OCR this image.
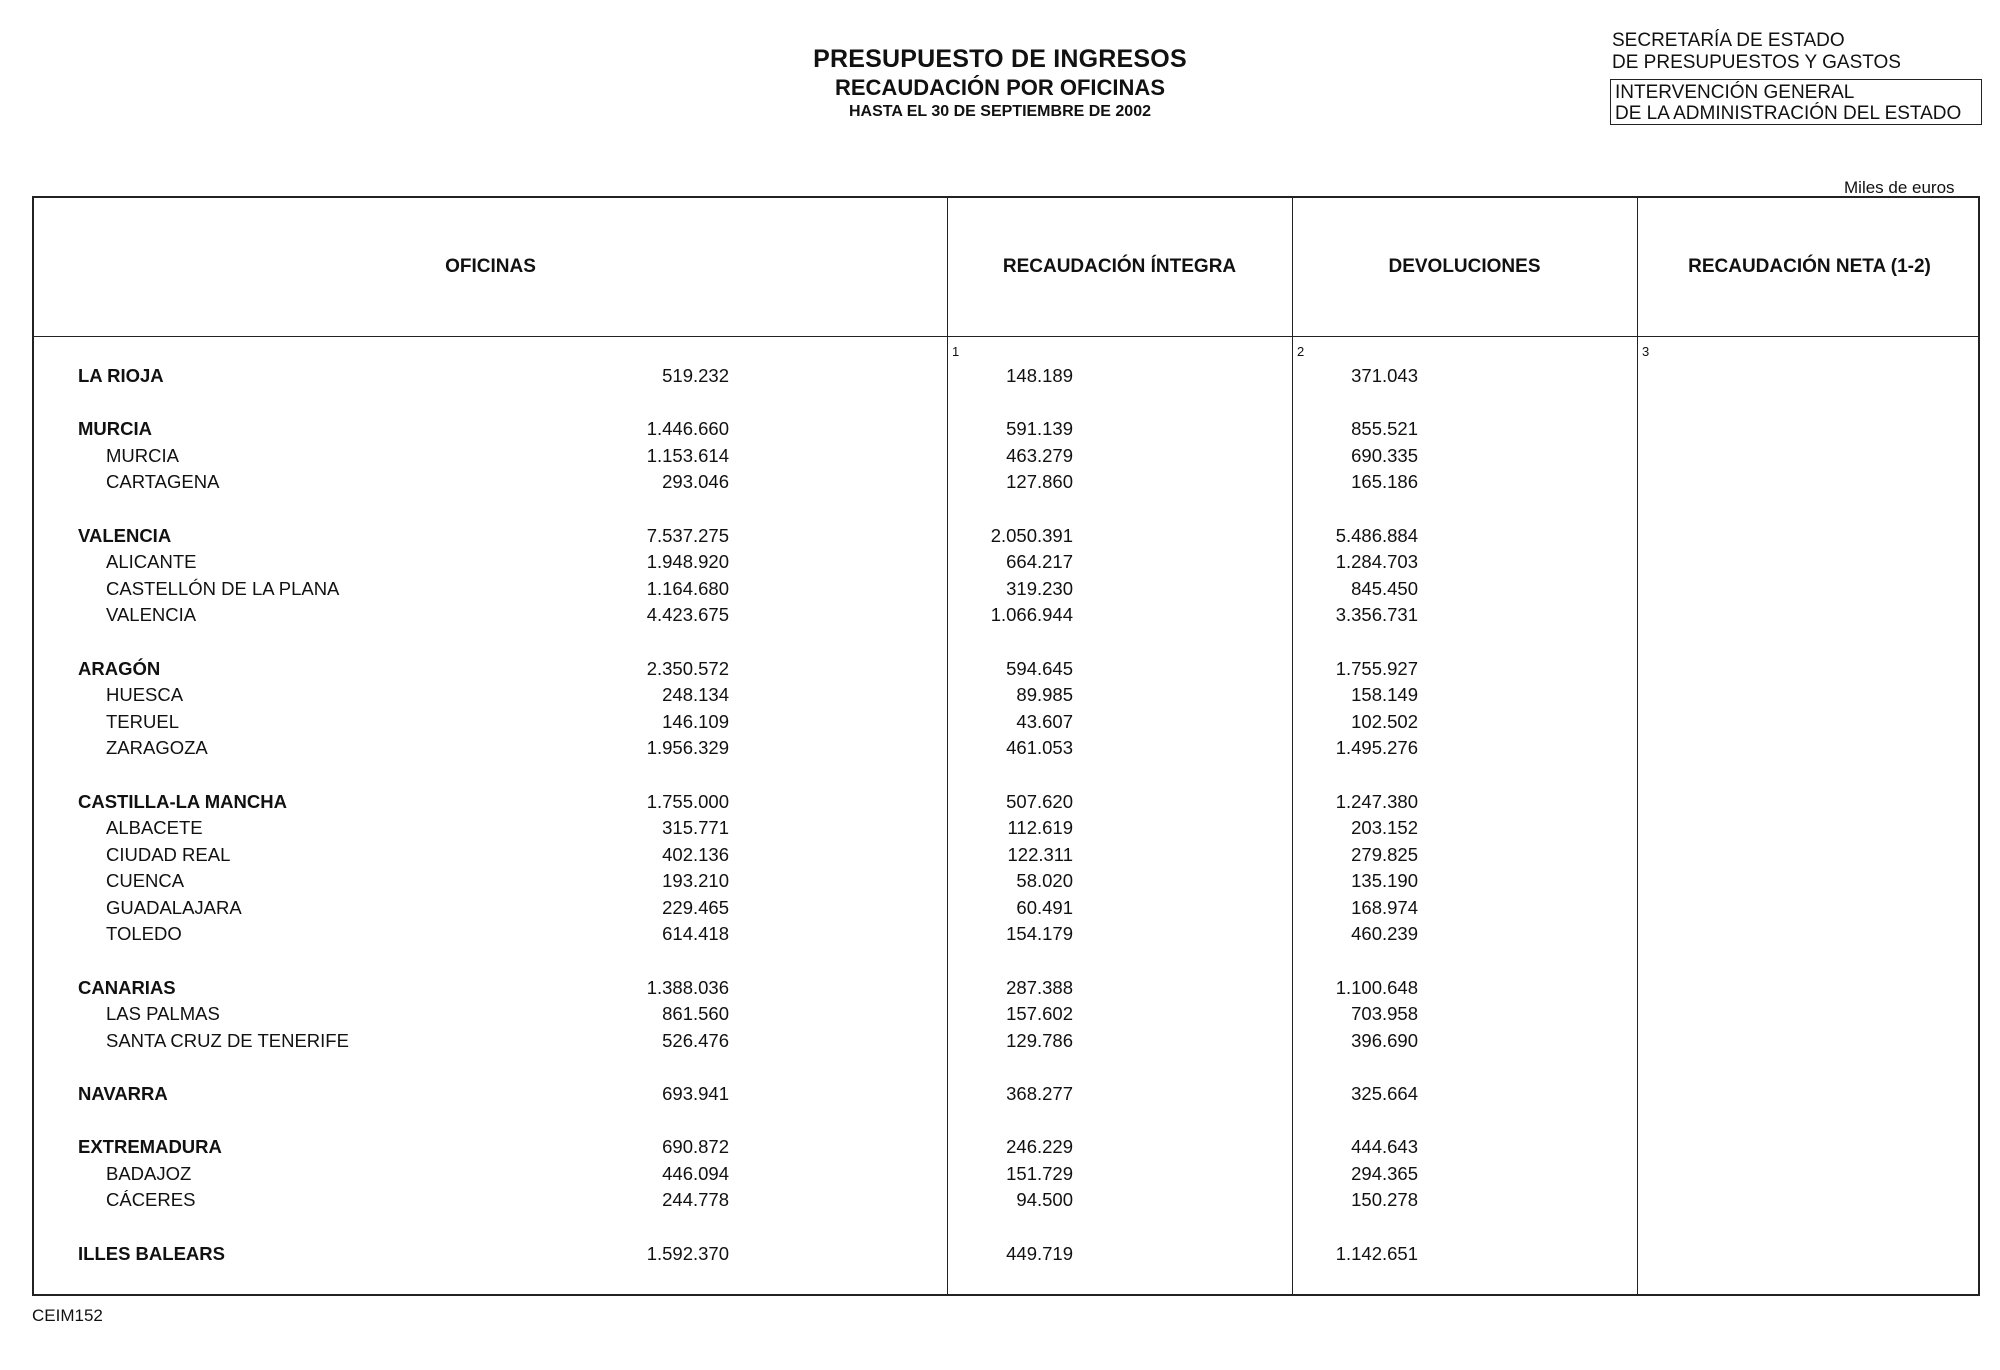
PRESUPUESTO DE INGRESOS
RECAUDACIÓN POR OFICINAS
HASTA EL 30 DE SEPTIEMBRE DE 2002
SECRETARÍA DE ESTADO
DE PRESUPUESTOS Y GASTOS
INTERVENCIÓN GENERAL
DE LA ADMINISTRACIÓN DEL ESTADO
Miles de euros
OFICINAS	RECAUDACIÓN ÍNTEGRA	DEVOLUCIONES	RECAUDACIÓN NETA (1-2)
1	2	3
LA RIOJA	519.232	148.189	371.043
MURCIA	1.446.660	591.139	855.521
MURCIA	1.153.614	463.279	690.335
CARTAGENA	293.046	127.860	165.186
VALENCIA	7.537.275	2.050.391	5.486.884
ALICANTE	1.948.920	664.217	1.284.703
CASTELLÓN DE LA PLANA	1.164.680	319.230	845.450
VALENCIA	4.423.675	1.066.944	3.356.731
ARAGÓN	2.350.572	594.645	1.755.927
HUESCA	248.134	89.985	158.149
TERUEL	146.109	43.607	102.502
ZARAGOZA	1.956.329	461.053	1.495.276
CASTILLA-LA MANCHA	1.755.000	507.620	1.247.380
ALBACETE	315.771	112.619	203.152
CIUDAD REAL	402.136	122.311	279.825
CUENCA	193.210	58.020	135.190
GUADALAJARA	229.465	60.491	168.974
TOLEDO	614.418	154.179	460.239
CANARIAS	1.388.036	287.388	1.100.648
LAS PALMAS	861.560	157.602	703.958
SANTA CRUZ DE TENERIFE	526.476	129.786	396.690
NAVARRA	693.941	368.277	325.664
EXTREMADURA	690.872	246.229	444.643
BADAJOZ	446.094	151.729	294.365
CÁCERES	244.778	94.500	150.278
ILLES BALEARS	1.592.370	449.719	1.142.651
CEIM152
